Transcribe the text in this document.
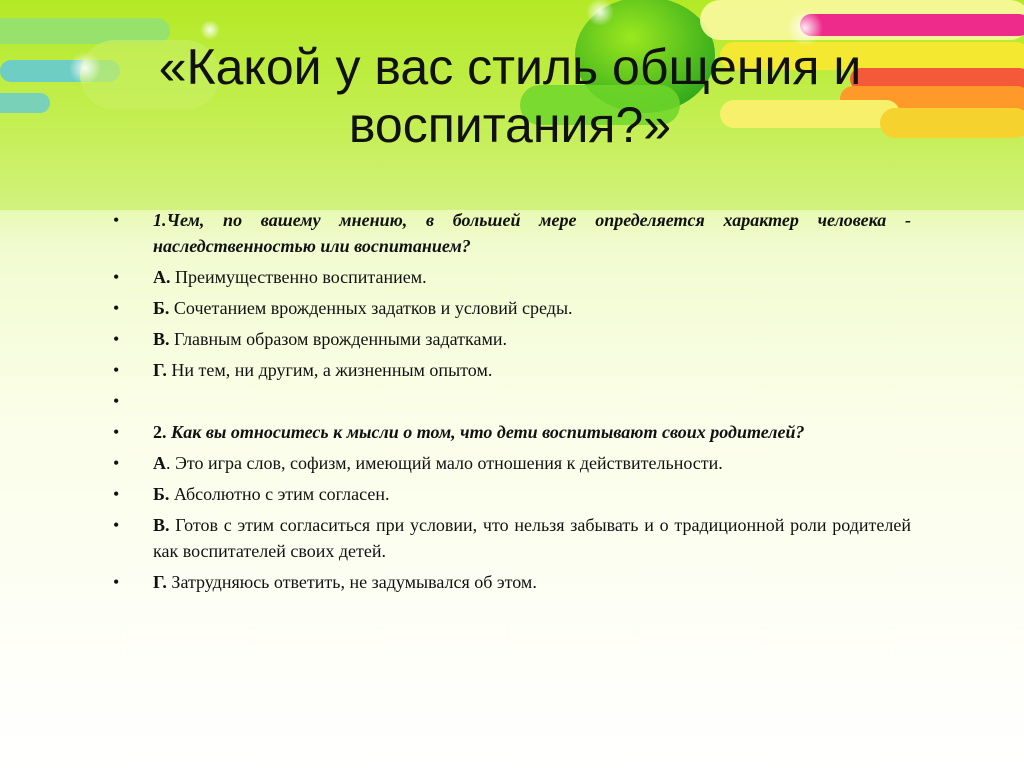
«Какой у вас стиль общения и воспитания?»
• 1.Чем, по вашему мнению, в большей мере определяется характер человека - наследственностью или воспитанием?
• А. Преимущественно воспитанием.
• Б. Сочетанием врожденных задатков и условий среды.
• В. Главным образом врожденными задатками.
• Г. Ни тем, ни другим, а жизненным опытом.
•
• 2. Как вы относитесь к мысли о том, что дети воспитывают своих родителей?
• А. Это игра слов, софизм, имеющий мало отношения к действительности.
• Б. Абсолютно с этим согласен.
• В. Готов с этим согласиться при условии, что нельзя забывать и о традиционной роли родителей как воспитателей своих детей.
• Г. Затрудняюсь ответить, не задумывался об этом.
